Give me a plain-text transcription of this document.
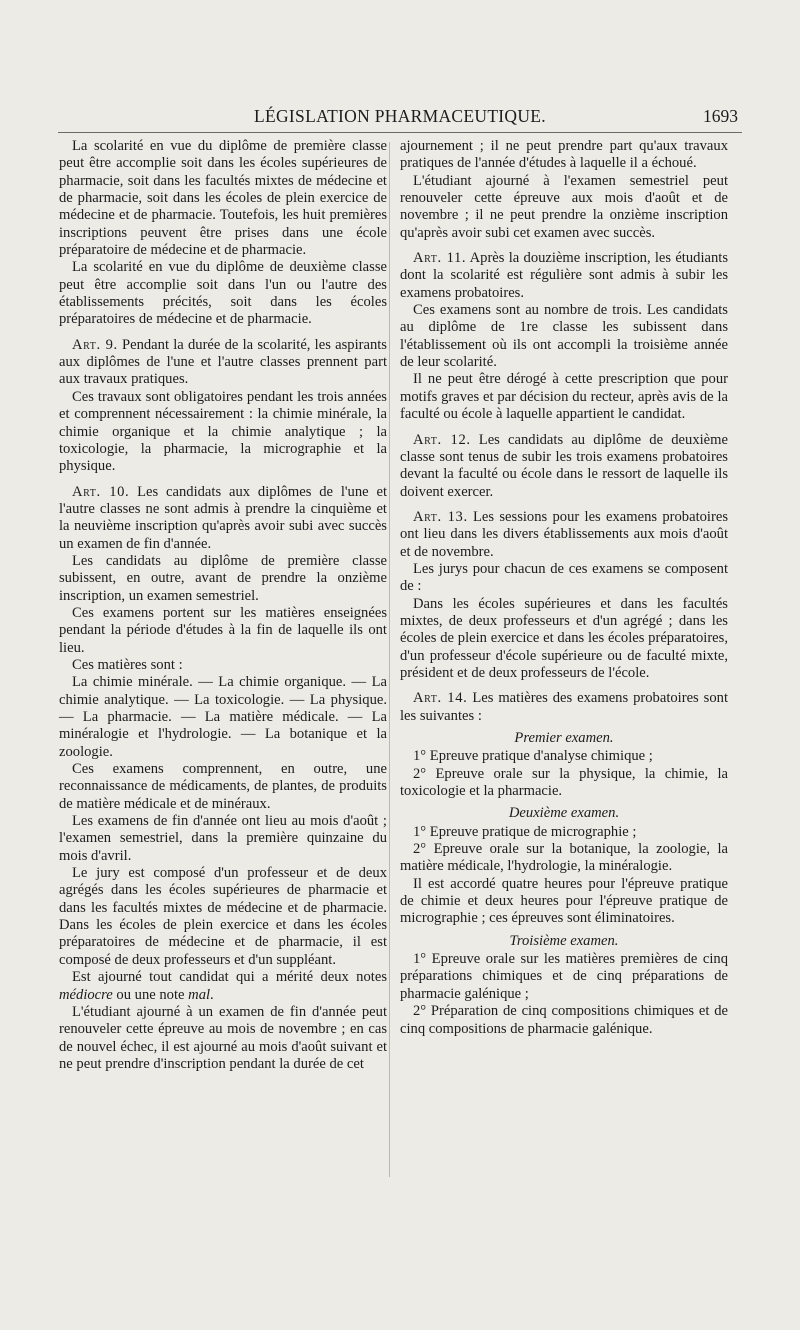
LÉGISLATION PHARMACEUTIQUE.	1693

La scolarité en vue du diplôme de première classe peut être accomplie soit dans les écoles supérieures de pharmacie, soit dans les facultés mixtes de médecine et de pharmacie, soit dans les écoles de plein exercice de médecine et de pharmacie. Toutefois, les huit premières inscriptions peuvent être prises dans une école préparatoire de médecine et de pharmacie.

La scolarité en vue du diplôme de deuxième classe peut être accomplie soit dans l'un ou l'autre des établissements précités, soit dans les écoles préparatoires de médecine et de pharmacie.

Art. 9. Pendant la durée de la scolarité, les aspirants aux diplômes de l'une et l'autre classes prennent part aux travaux pratiques.

Ces travaux sont obligatoires pendant les trois années et comprennent nécessairement : la chimie minérale, la chimie organique et la chimie analytique ; la toxicologie, la pharmacie, la micrographie et la physique.

Art. 10. Les candidats aux diplômes de l'une et l'autre classes ne sont admis à prendre la cinquième et la neuvième inscription qu'après avoir subi avec succès un examen de fin d'année.

Les candidats au diplôme de première classe subissent, en outre, avant de prendre la onzième inscription, un examen semestriel.

Ces examens portent sur les matières enseignées pendant la période d'études à la fin de laquelle ils ont lieu.

Ces matières sont :

La chimie minérale. — La chimie organique. — La chimie analytique. — La toxicologie. — La physique. — La pharmacie. — La matière médicale. — La minéralogie et l'hydrologie. — La botanique et la zoologie.

Ces examens comprennent, en outre, une reconnaissance de médicaments, de plantes, de produits de matière médicale et de minéraux.

Les examens de fin d'année ont lieu au mois d'août ; l'examen semestriel, dans la première quinzaine du mois d'avril.

Le jury est composé d'un professeur et de deux agrégés dans les écoles supérieures de pharmacie et dans les facultés mixtes de médecine et de pharmacie. Dans les écoles de plein exercice et dans les écoles préparatoires de médecine et de pharmacie, il est composé de deux professeurs et d'un suppléant.

Est ajourné tout candidat qui a mérité deux notes médiocre ou une note mal.

L'étudiant ajourné à un examen de fin d'année peut renouveler cette épreuve au mois de novembre ; en cas de nouvel échec, il est ajourné au mois d'août suivant et ne peut prendre d'inscription pendant la durée de cet

ajournement ; il ne peut prendre part qu'aux travaux pratiques de l'année d'études à laquelle il a échoué.

L'étudiant ajourné à l'examen semestriel peut renouveler cette épreuve aux mois d'août et de novembre ; il ne peut prendre la onzième inscription qu'après avoir subi cet examen avec succès.

Art. 11. Après la douzième inscription, les étudiants dont la scolarité est régulière sont admis à subir les examens probatoires.

Ces examens sont au nombre de trois. Les candidats au diplôme de 1re classe les subissent dans l'établissement où ils ont accompli la troisième année de leur scolarité.

Il ne peut être dérogé à cette prescription que pour motifs graves et par décision du recteur, après avis de la faculté ou école à laquelle appartient le candidat.

Art. 12. Les candidats au diplôme de deuxième classe sont tenus de subir les trois examens probatoires devant la faculté ou école dans le ressort de laquelle ils doivent exercer.

Art. 13. Les sessions pour les examens probatoires ont lieu dans les divers établissements aux mois d'août et de novembre.

Les jurys pour chacun de ces examens se composent de :

Dans les écoles supérieures et dans les facultés mixtes, de deux professeurs et d'un agrégé ; dans les écoles de plein exercice et dans les écoles préparatoires, d'un professeur d'école supérieure ou de faculté mixte, président et de deux professeurs de l'école.

Art. 14. Les matières des examens probatoires sont les suivantes :

Premier examen.

1° Epreuve pratique d'analyse chimique ;

2° Epreuve orale sur la physique, la chimie, la toxicologie et la pharmacie.

Deuxième examen.

1° Epreuve pratique de micrographie ;

2° Epreuve orale sur la botanique, la zoologie, la matière médicale, l'hydrologie, la minéralogie.

Il est accordé quatre heures pour l'épreuve pratique de chimie et deux heures pour l'épreuve pratique de micrographie ; ces épreuves sont éliminatoires.

Troisième examen.

1° Epreuve orale sur les matières premières de cinq préparations chimiques et de cinq préparations de pharmacie galénique ;

2° Préparation de cinq compositions chimiques et de cinq compositions de pharmacie galénique.
